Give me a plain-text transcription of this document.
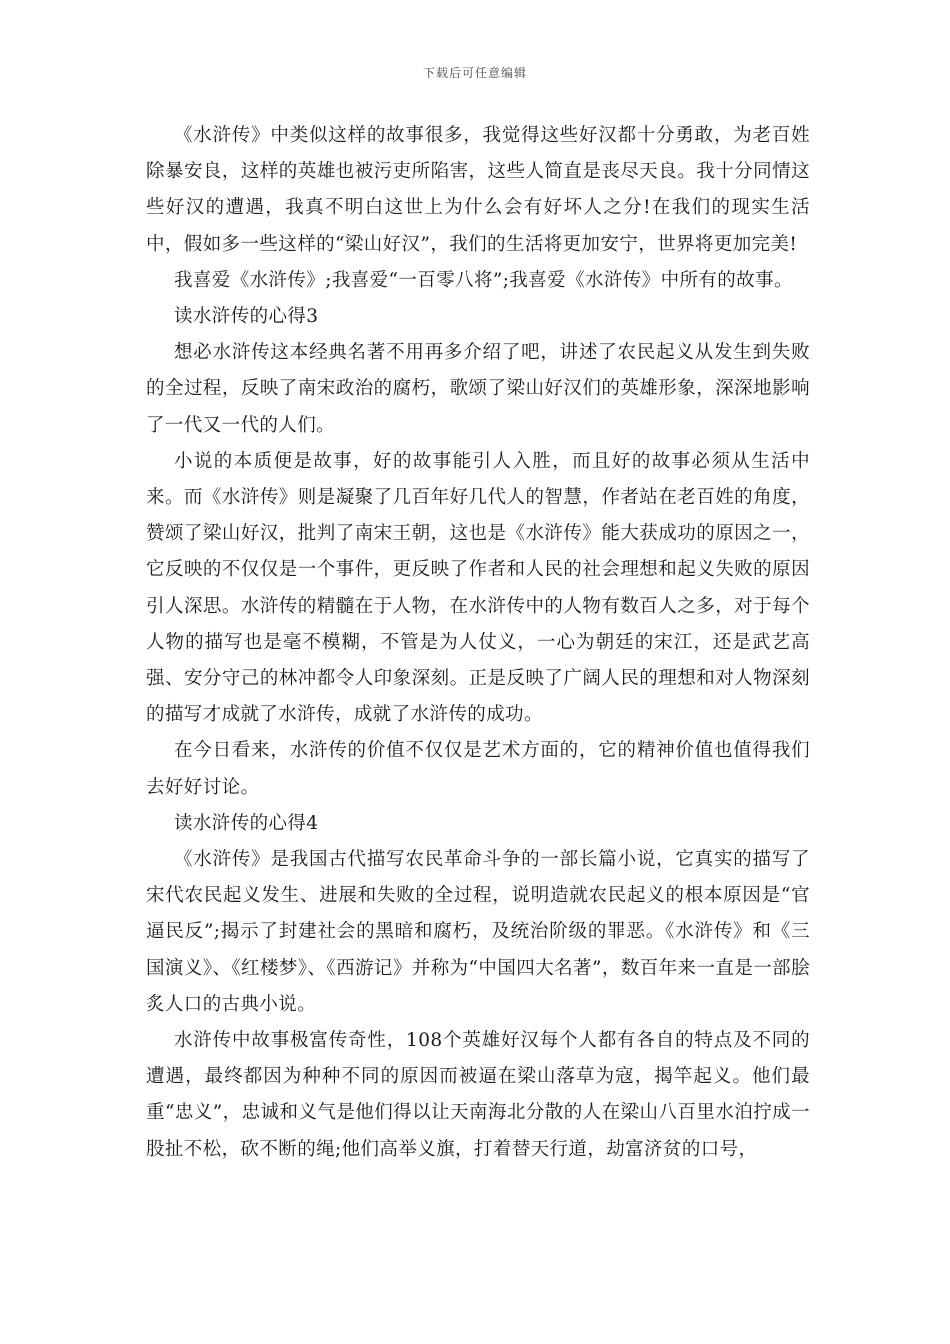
下载后可任意编辑

《水浒传》中类似这样的故事很多，我觉得这些好汉都十分勇敢，为老百姓除暴安良，这样的英雄也被污吏所陷害，这些人简直是丧尽天良。我十分同情这些好汉的遭遇，我真不明白这世上为什么会有好坏人之分!在我们的现实生活中，假如多一些这样的“梁山好汉”，我们的生活将更加安宁，世界将更加完美!

我喜爱《水浒传》;我喜爱“一百零八将”;我喜爱《水浒传》中所有的故事。

读水浒传的心得3

想必水浒传这本经典名著不用再多介绍了吧，讲述了农民起义从发生到失败的全过程，反映了南宋政治的腐朽，歌颂了梁山好汉们的英雄形象，深深地影响了一代又一代的人们。

小说的本质便是故事，好的故事能引人入胜，而且好的故事必须从生活中来。而《水浒传》则是凝聚了几百年好几代人的智慧，作者站在老百姓的角度，赞颂了梁山好汉，批判了南宋王朝，这也是《水浒传》能大获成功的原因之一，它反映的不仅仅是一个事件，更反映了作者和人民的社会理想和起义失败的原因引人深思。水浒传的精髓在于人物，在水浒传中的人物有数百人之多，对于每个人物的描写也是毫不模糊，不管是为人仗义，一心为朝廷的宋江，还是武艺高强、安分守己的林冲都令人印象深刻。正是反映了广阔人民的理想和对人物深刻的描写才成就了水浒传，成就了水浒传的成功。

在今日看来，水浒传的价值不仅仅是艺术方面的，它的精神价值也值得我们去好好讨论。

读水浒传的心得4

《水浒传》是我国古代描写农民革命斗争的一部长篇小说，它真实的描写了宋代农民起义发生、进展和失败的全过程，说明造就农民起义的根本原因是“官逼民反”;揭示了封建社会的黑暗和腐朽，及统治阶级的罪恶。《水浒传》和《三国演义》、《红楼梦》、《西游记》并称为“中国四大名著”，数百年来一直是一部脍炙人口的古典小说。

水浒传中故事极富传奇性，108个英雄好汉每个人都有各自的特点及不同的遭遇，最终都因为种种不同的原因而被逼在梁山落草为寇，揭竿起义。他们最重“忠义”，忠诚和义气是他们得以让天南海北分散的人在梁山八百里水泊拧成一股扯不松，砍不断的绳;他们高举义旗，打着替天行道，劫富济贫的口号，
